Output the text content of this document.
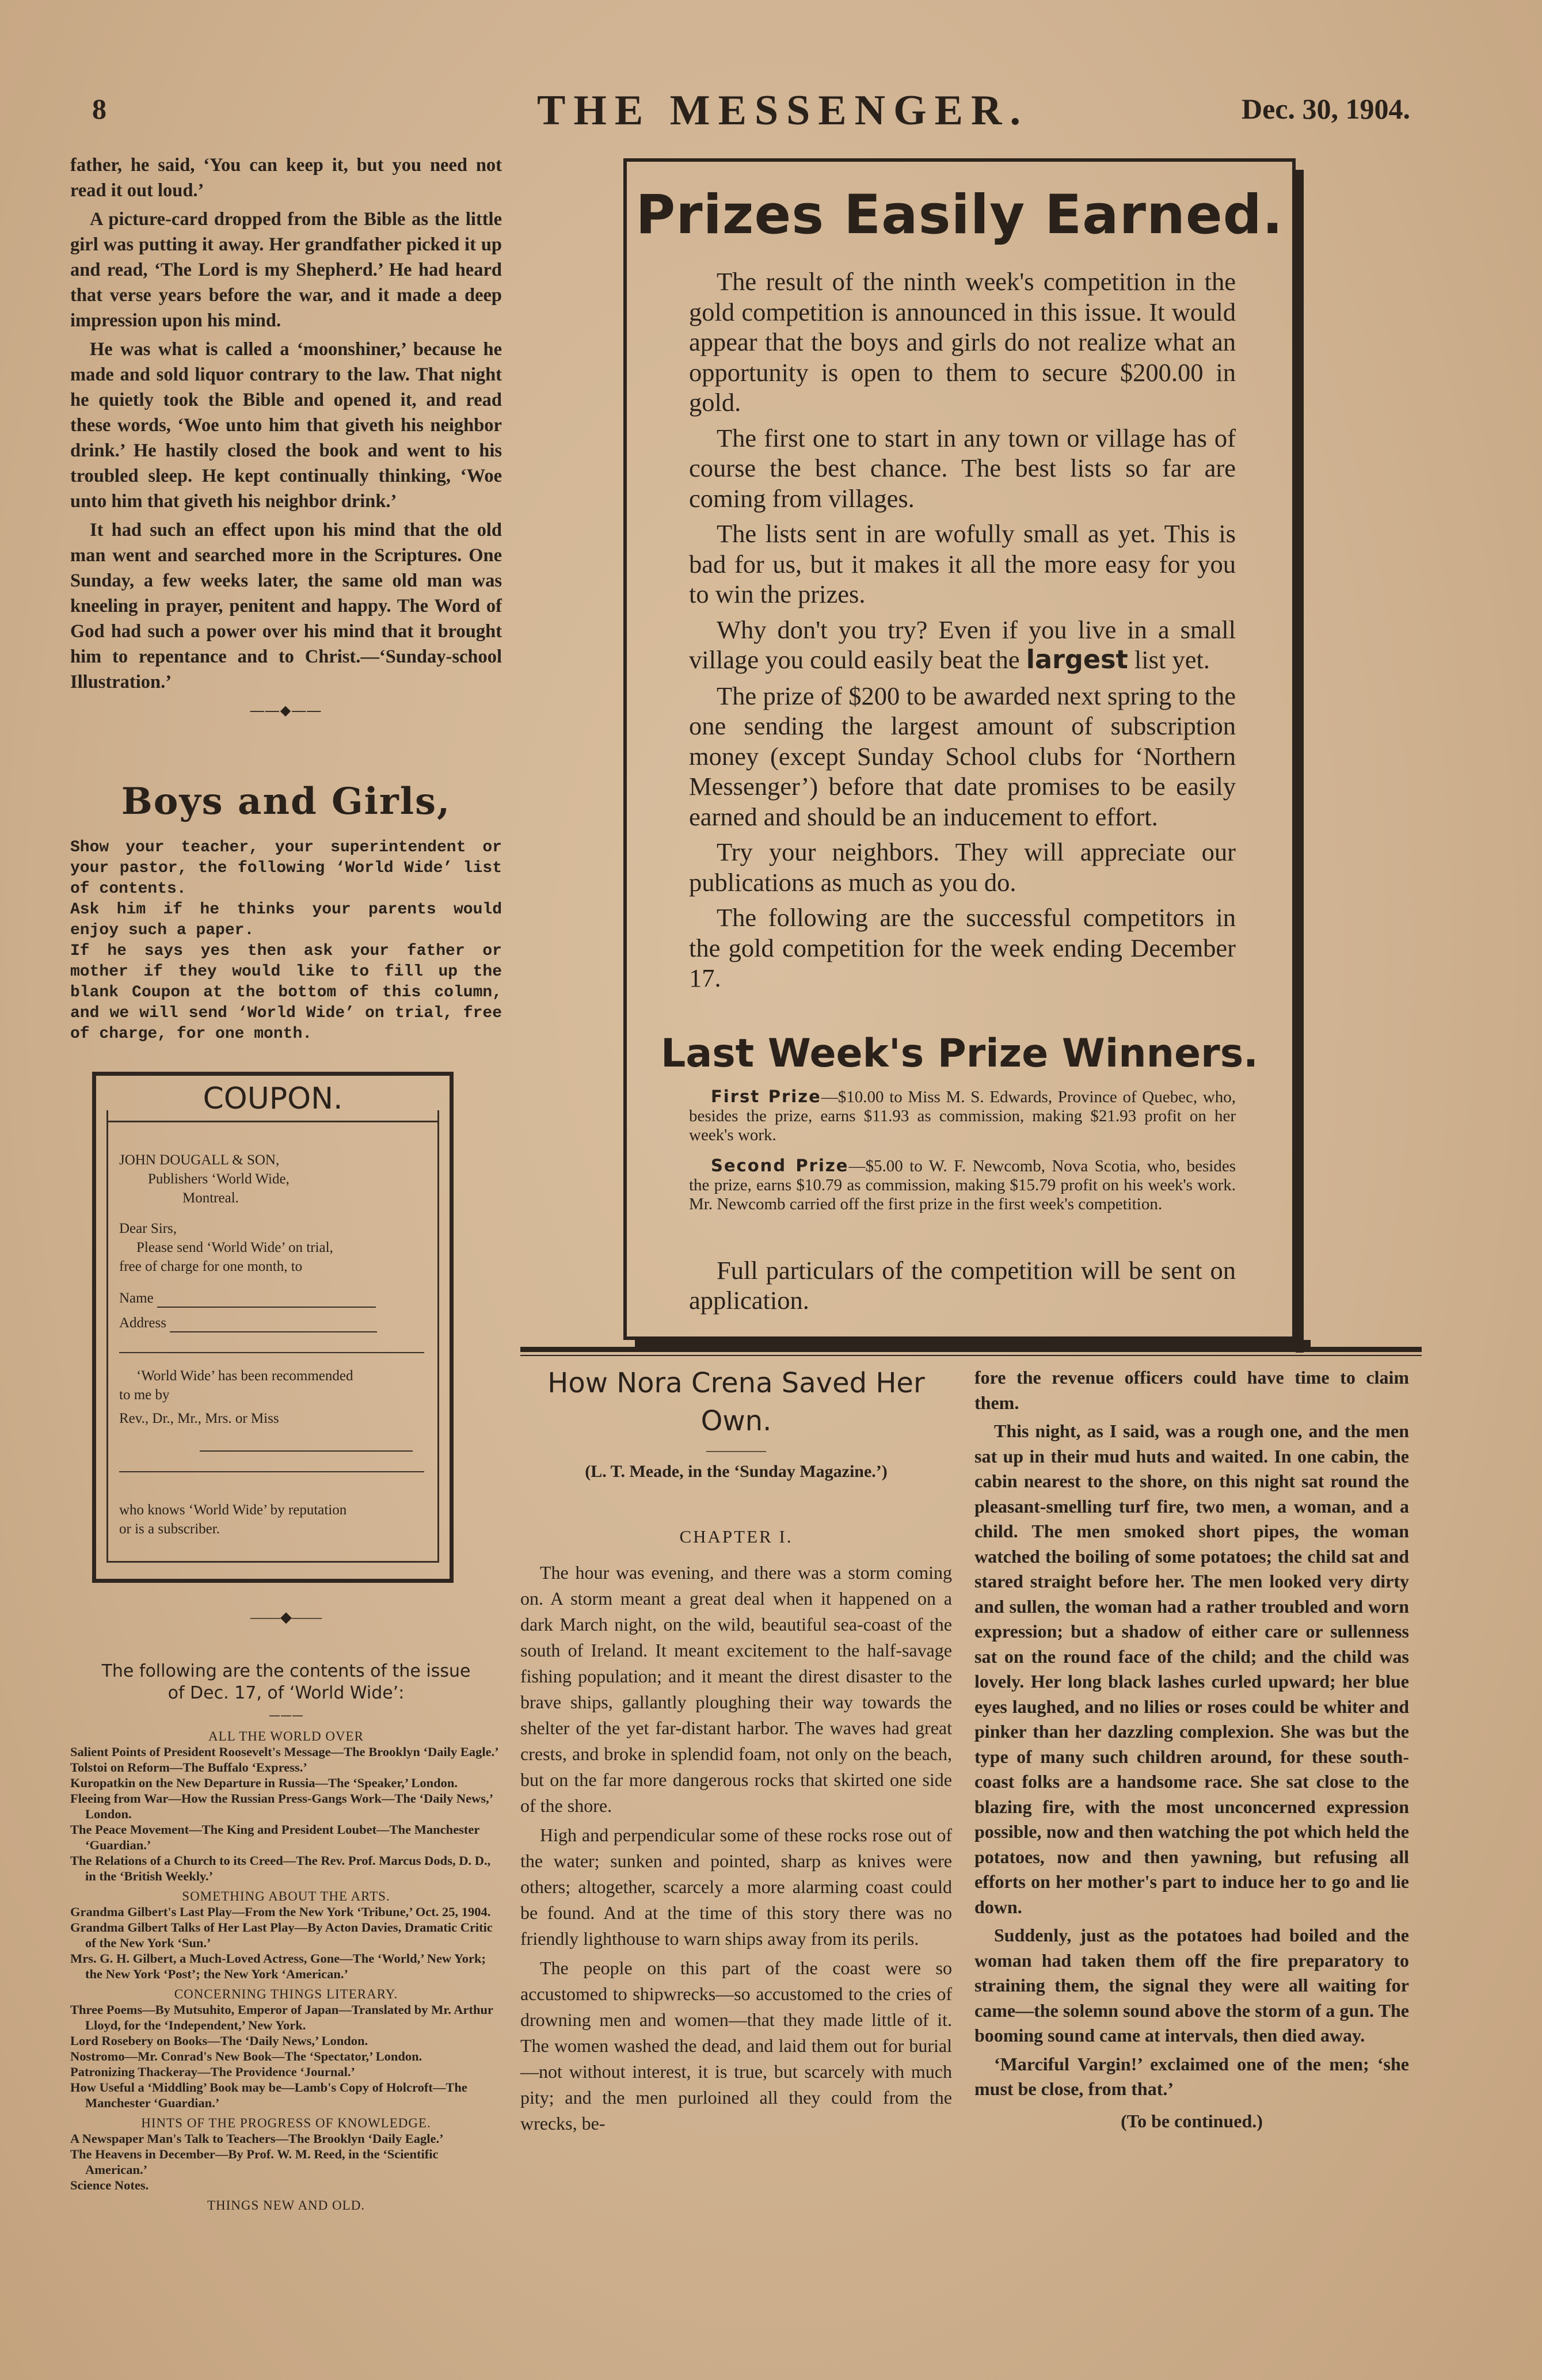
8	THE MESSENGER.	Dec. 30, 1904.

father, he said, ‘You can keep it, but you need not read it out loud.’

A picture-card dropped from the Bible as the little girl was putting it away. Her grandfather picked it up and read, ‘The Lord is my Shepherd.’ He had heard that verse years before the war, and it made a deep impression upon his mind.

He was what is called a ‘moonshiner,’ because he made and sold liquor contrary to the law. That night he quietly took the Bible and opened it, and read these words, ‘Woe unto him that giveth his neighbor drink.’ He hastily closed the book and went to his troubled sleep. He kept continually thinking, ‘Woe unto him that giveth his neighbor drink.’

It had such an effect upon his mind that the old man went and searched more in the Scriptures. One Sunday, a few weeks later, the same old man was kneeling in prayer, penitent and happy. The Word of God had such a power over his mind that it brought him to repentance and to Christ.—‘Sunday-school Illustration.’

——◆——
Boys and Girls,

Show your teacher, your superintendent or your pastor, the following ‘World Wide’ list of contents.

Ask him if he thinks your parents would enjoy such a paper.

If he says yes then ask your father or mother if they would like to fill up the blank Coupon at the bottom of this column, and we will send ‘World Wide’ on trial, free of charge, for one month.

COUPON.
JOHN DOUGALL & SON,
Publishers ‘World Wide,
Montreal.
Dear Sirs,
Please send ‘World Wide’ on trial,
free of charge for one month, to
Name
Address
‘World Wide’ has been recommended
to me by
Rev., Dr., Mr., Mrs. or Miss
who knows ‘World Wide’ by reputation
or is a subscriber.
——◆——
The following are the contents of the issue
of Dec. 17, of ‘World Wide’:
———
ALL THE WORLD OVER
Salient Points of President Roosevelt's Message—The Brooklyn ‘Daily Eagle.’
Tolstoi on Reform—The Buffalo ‘Express.’
Kuropatkin on the New Departure in Russia—The ‘Speaker,’ London.
Fleeing from War—How the Russian Press-Gangs Work—The ‘Daily News,’ London.
The Peace Movement—The King and President Loubet—The Manchester ‘Guardian.’
The Relations of a Church to its Creed—The Rev. Prof. Marcus Dods, D. D., in the ‘British Weekly.’
SOMETHING ABOUT THE ARTS.
Grandma Gilbert's Last Play—From the New York ‘Tribune,’ Oct. 25, 1904.
Grandma Gilbert Talks of Her Last Play—By Acton Davies, Dramatic Critic of the New York ‘Sun.’
Mrs. G. H. Gilbert, a Much-Loved Actress, Gone—The ‘World,’ New York; the New York ‘Post’; the New York ‘American.’
CONCERNING THINGS LITERARY.
Three Poems—By Mutsuhito, Emperor of Japan—Translated by Mr. Arthur Lloyd, for the ‘Independent,’ New York.
Lord Rosebery on Books—The ‘Daily News,’ London.
Nostromo—Mr. Conrad's New Book—The ‘Spectator,’ London.
Patronizing Thackeray—The Providence ‘Journal.’
How Useful a ‘Middling’ Book may be—Lamb's Copy of Holcroft—The Manchester ‘Guardian.’
HINTS OF THE PROGRESS OF KNOWLEDGE.
A Newspaper Man's Talk to Teachers—The Brooklyn ‘Daily Eagle.’
The Heavens in December—By Prof. W. M. Reed, in the ‘Scientific American.’
Science Notes.
THINGS NEW AND OLD.
Prizes Easily Earned.

The result of the ninth week's competition in the gold competition is announced in this issue. It would appear that the boys and girls do not realize what an opportunity is open to them to secure $200.00 in gold.

The first one to start in any town or village has of course the best chance. The best lists so far are coming from villages.

The lists sent in are wofully small as yet. This is bad for us, but it makes it all the more easy for you to win the prizes.

Why don't you try? Even if you live in a small village you could easily beat the largest list yet.

The prize of $200 to be awarded next spring to the one sending the largest amount of subscription money (except Sunday School clubs for ‘Northern Messenger’) before that date promises to be easily earned and should be an inducement to effort.

Try your neighbors. They will appreciate our publications as much as you do.

The following are the successful competitors in the gold competition for the week ending December 17.

Last Week's Prize Winners.

First Prize—$10.00 to Miss M. S. Edwards, Province of Quebec, who, besides the prize, earns $11.93 as commission, making $21.93 profit on her week's work.

Second Prize—$5.00 to W. F. Newcomb, Nova Scotia, who, besides the prize, earns $10.79 as commission, making $15.79 profit on his week's work. Mr. Newcomb carried off the first prize in the first week's competition.

Full particulars of the competition will be sent on application.
How Nora Crena Saved Her Own.
————
(L. T. Meade, in the ‘Sunday Magazine.’)
CHAPTER I.

The hour was evening, and there was a storm coming on. A storm meant a great deal when it happened on a dark March night, on the wild, beautiful sea-coast of the south of Ireland. It meant excitement to the half-savage fishing population; and it meant the direst disaster to the brave ships, gallantly ploughing their way towards the shelter of the yet far-distant harbor. The waves had great crests, and broke in splendid foam, not only on the beach, but on the far more dangerous rocks that skirted one side of the shore.

High and perpendicular some of these rocks rose out of the water; sunken and pointed, sharp as knives were others; altogether, scarcely a more alarming coast could be found. And at the time of this story there was no friendly lighthouse to warn ships away from its perils.

The people on this part of the coast were so accustomed to shipwrecks—so accustomed to the cries of drowning men and women—that they made little of it. The women washed the dead, and laid them out for burial—not without interest, it is true, but scarcely with much pity; and the men purloined all they could from the wrecks, be-

fore the revenue officers could have time to claim them.

This night, as I said, was a rough one, and the men sat up in their mud huts and waited. In one cabin, the cabin nearest to the shore, on this night sat round the pleasant-smelling turf fire, two men, a woman, and a child. The men smoked short pipes, the woman watched the boiling of some potatoes; the child sat and stared straight before her. The men looked very dirty and sullen, the woman had a rather troubled and worn expression; but a shadow of either care or sullenness sat on the round face of the child; and the child was lovely. Her long black lashes curled upward; her blue eyes laughed, and no lilies or roses could be whiter and pinker than her dazzling complexion. She was but the type of many such children around, for these south-coast folks are a handsome race. She sat close to the blazing fire, with the most unconcerned expression possible, now and then watching the pot which held the potatoes, now and then yawning, but refusing all efforts on her mother's part to induce her to go and lie down.

Suddenly, just as the potatoes had boiled and the woman had taken them off the fire preparatory to straining them, the signal they were all waiting for came—the solemn sound above the storm of a gun. The booming sound came at intervals, then died away.

‘Marciful Vargin!’ exclaimed one of the men; ‘she must be close, from that.’

(To be continued.)
